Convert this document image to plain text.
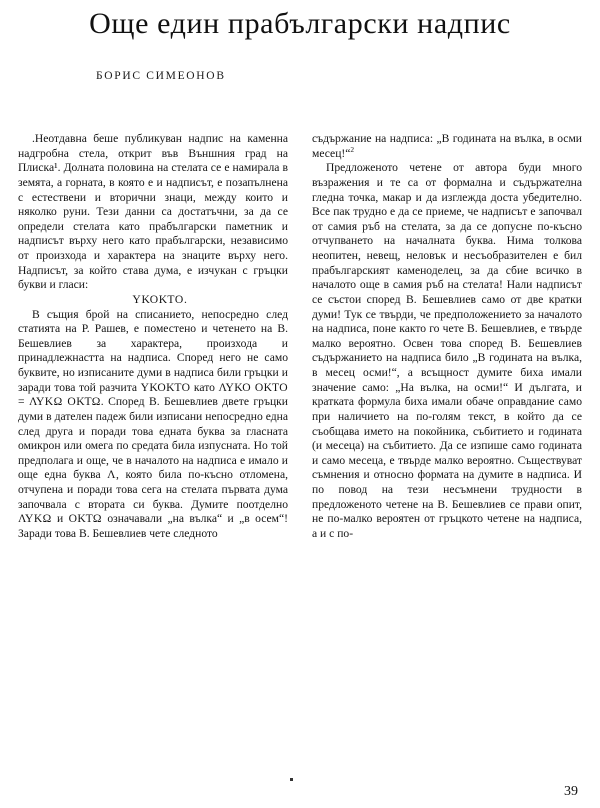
Още един прабългарски надпис
БОРИС СИМЕОНОВ

.Неотдавна беше публикуван надпис на каменна надгробна стела, открит във Външния град на Плиска¹. Долната половина на стелата се е намирала в земята, а горната, в която е и надписът, е позапълнена с естествени и вторични знаци, между които и няколко руни. Тези данни са достатъчни, за да се определи стелата като прабългарски паметник и надписът върху него като прабългарски, независимо от произхода и характера на знаците върху него. Надписът, за който става дума, е изчукан с гръцки букви и гласи:

ΥΚΟΚΤΟ.

В същия брой на списанието, непосредно след статията на Р. Рашев, е поместено и четенето на В. Бешевлиев за характера, произхода и принадлежнастта на надписа. Според него не само буквите, но изписаните думи в надписа били гръцки и заради това той разчита ΥΚΟΚΤΟ като ΛΥΚΟ ΟΚΤΟ = ΛΥΚΩ ΟΚΤΩ. Според В. Бешевлиев двете гръцки думи в дателен падеж били изписани непосредно една след друга и поради това едната буква за гласната омикрон или омега по средата била изпусната. Но той предполага и още, че в началото на надписа е имало и още една буква Λ, която била по-късно отломена, отчупена и поради това сега на стелата първата дума започвала с втората си буква. Думите поотделно ΛΥΚΩ и ΟΚΤΩ означавали „на вълка“ и „в осем“! Заради това В. Бешевлиев чете следното

съдържание на надписа: „В годината на вълка, в осми месец!“$^2$

Предложеното четене от автора буди много възражения и те са от формална и съдържателна гледна точка, макар и да изглежда доста убедително. Все пак трудно е да се приеме, че надписът е започвал от самия ръб на стелата, за да се допусне по-късно отчупването на началната буква. Нима толкова неопитен, невещ, неловък и несъобразителен е бил прабългарският каменоделец, за да сбие всичко в началото още в самия ръб на стелата! Нали надписът се състои според В. Бешевлиев само от две кратки думи! Тук се твърди, че предположението за началото на надписа, поне както го чете В. Бешевлиев, е твърде малко вероятно. Освен това според В. Бешевлиев съдържанието на надписа било „В годината на вълка, в месец осми!“, а всъщност думите биха имали значение само: „На вълка, на осми!“ И дългата, и кратката формула биха имали обаче оправдание само при наличието на по-голям текст, в който да се съобщава името на покойника, събитието и годината (и месеца) на събитието. Да се изпише само годината и само месеца, е твърде малко вероятно. Съществуват съмнения и относно формата на думите в надписа. И по повод на тези несъмнени трудности в предложеното четене на В. Бешевлиев се прави опит, не по-малко вероятен от гръцкото четене на надписа, а и с по-

39
